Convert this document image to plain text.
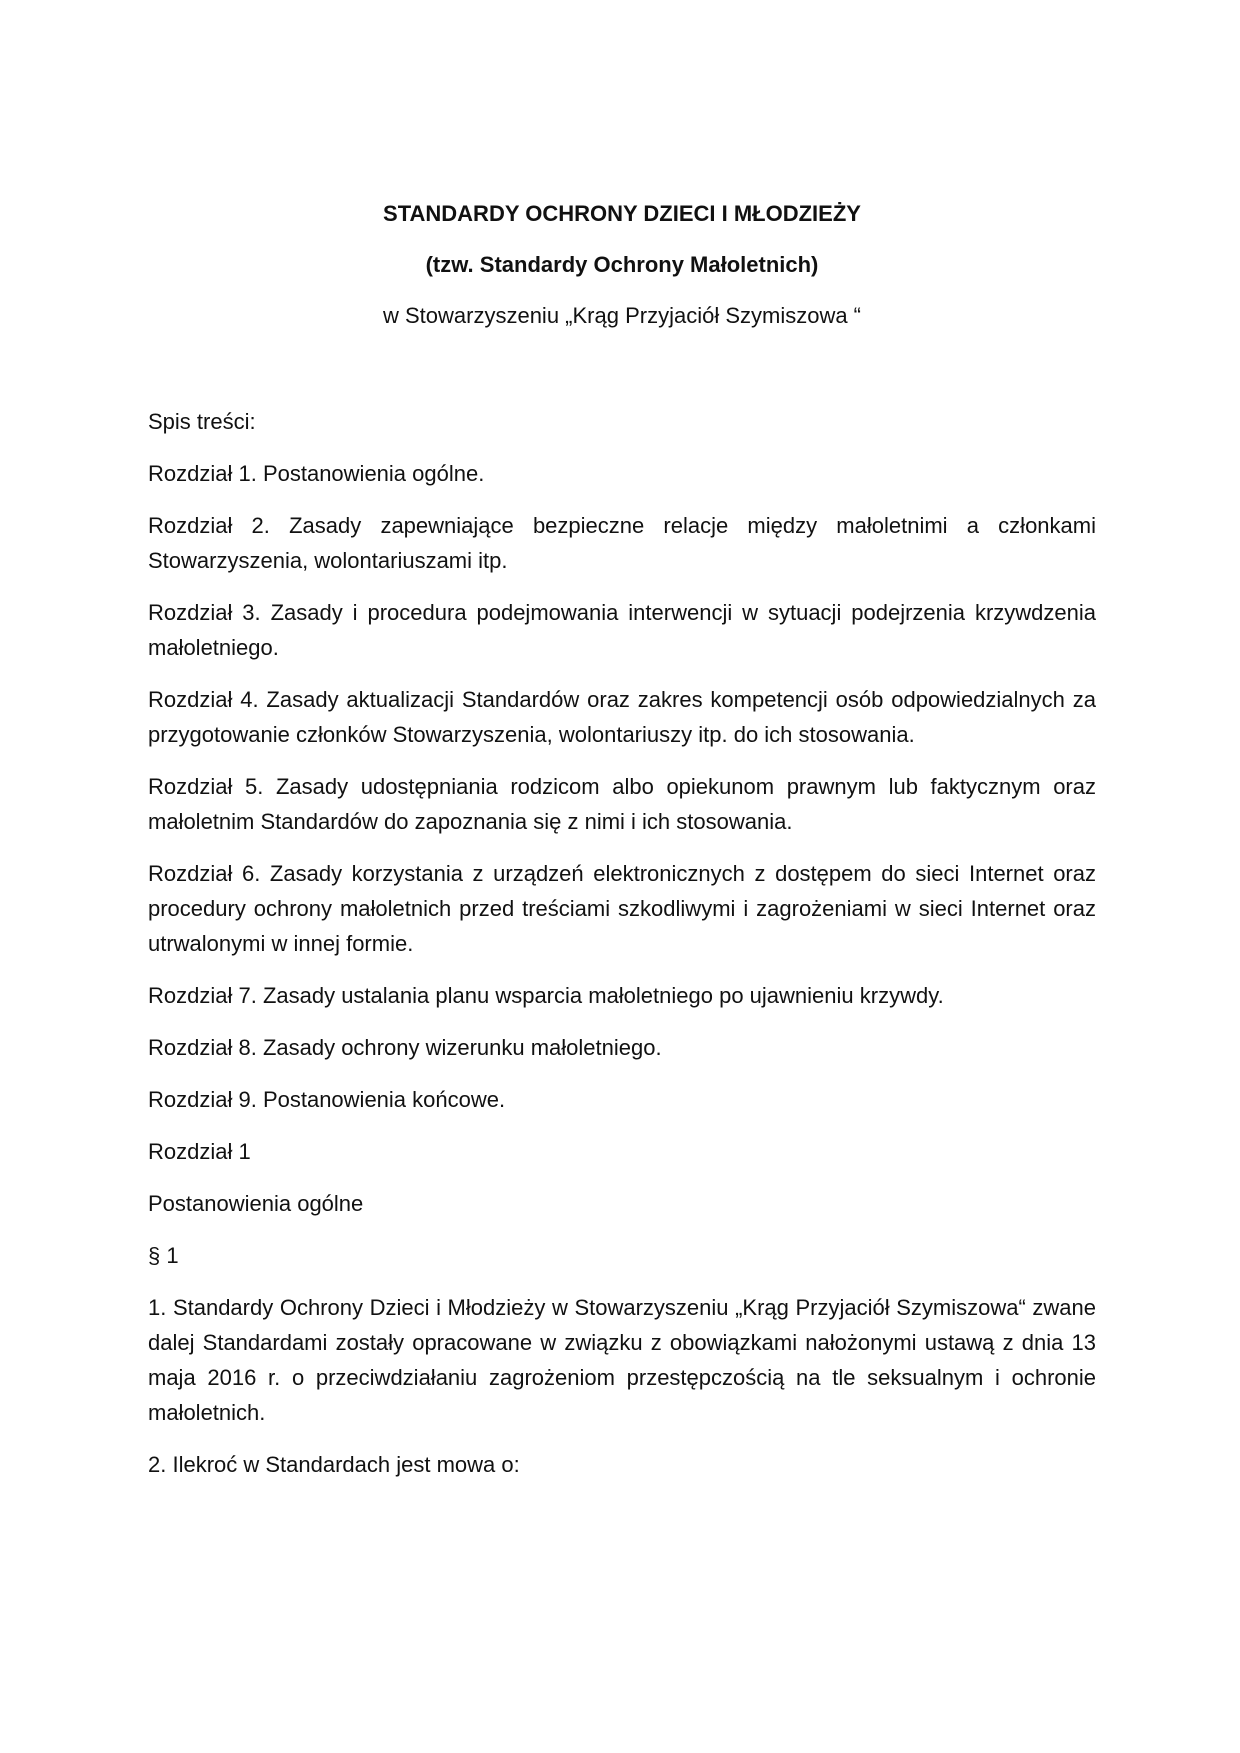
STANDARDY OCHRONY DZIECI I MŁODZIEŻY

(tzw. Standardy Ochrony Małoletnich)

w Stowarzyszeniu „Krąg Przyjaciół Szymiszowa “

Spis treści:

Rozdział 1. Postanowienia ogólne.

Rozdział 2. Zasady zapewniające bezpieczne relacje między małoletnimi a członkami Stowarzyszenia, wolontariuszami itp.

Rozdział 3. Zasady i procedura podejmowania interwencji w sytuacji podejrzenia krzywdzenia małoletniego.

Rozdział 4. Zasady aktualizacji Standardów oraz zakres kompetencji osób odpowiedzialnych za przygotowanie członków Stowarzyszenia, wolontariuszy itp. do ich stosowania.

Rozdział 5. Zasady udostępniania rodzicom albo opiekunom prawnym lub faktycznym oraz małoletnim Standardów do zapoznania się z nimi i ich stosowania.

Rozdział 6. Zasady korzystania z urządzeń elektronicznych z dostępem do sieci Internet oraz procedury ochrony małoletnich przed treściami szkodliwymi i zagrożeniami w sieci Internet oraz utrwalonymi w innej formie.

Rozdział 7. Zasady ustalania planu wsparcia małoletniego po ujawnieniu krzywdy.

Rozdział 8. Zasady ochrony wizerunku małoletniego.

Rozdział 9. Postanowienia końcowe.

Rozdział 1

Postanowienia ogólne

§ 1

1. Standardy Ochrony Dzieci i Młodzieży w Stowarzyszeniu „Krąg Przyjaciół Szymiszowa“ zwane dalej Standardami zostały opracowane w związku z obowiązkami nałożonymi ustawą z dnia 13 maja 2016 r. o przeciwdziałaniu zagrożeniom przestępczością na tle seksualnym i ochronie małoletnich.

2. Ilekroć w Standardach jest mowa o:
